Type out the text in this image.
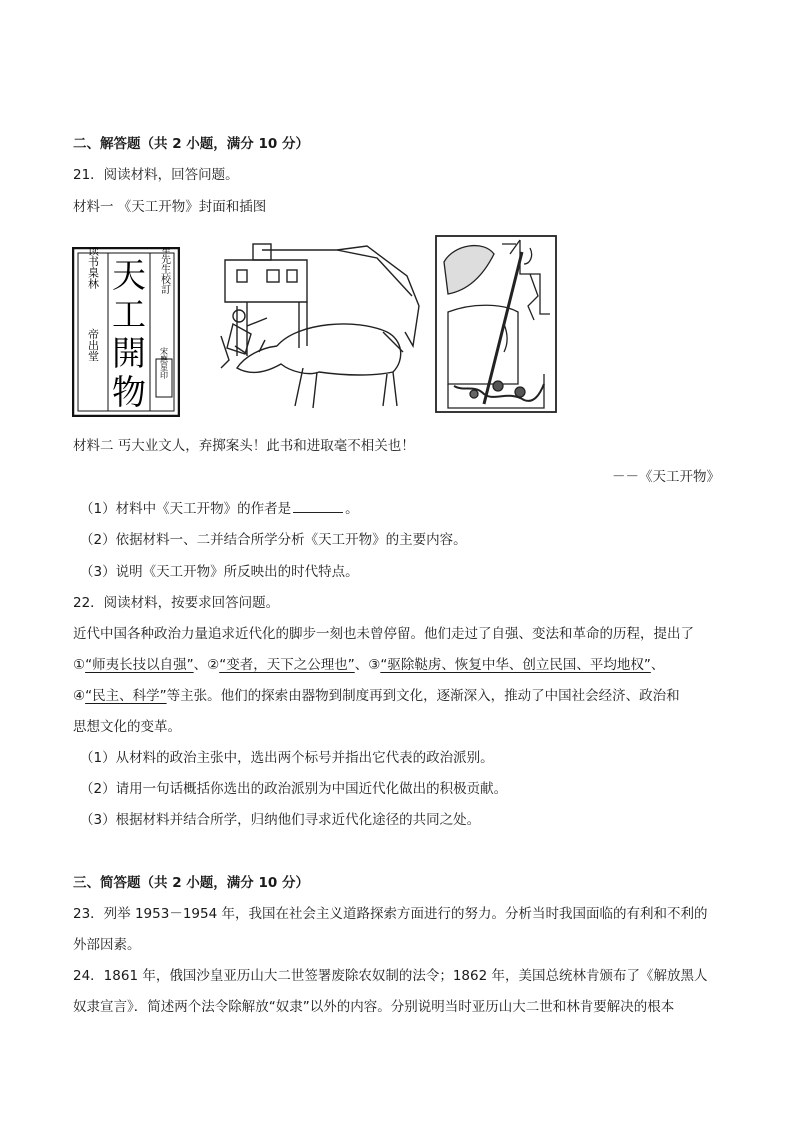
二、解答题（共 2 小题，满分 10 分）
21．阅读材料，回答问题。
材料一 《天工开物》封面和插图
读书臬林
帝出堂
天
工
開
物
宋應星先生校訂
宋應星印
材料二 丐大业文人，弃掷案头！此书和进取毫不相关也！
－－《天工开物》
（1）材料中《天工开物》的作者是	。
（2）依据材料一、二并结合所学分析《天工开物》的主要内容。
（3）说明《天工开物》所反映出的时代特点。
22．阅读材料，按要求回答问题。
近代中国各种政治力量追求近代化的脚步一刻也未曾停留。他们走过了自强、变法和革命的历程，提出了
①“师夷长技以自强”、②“变者，天下之公理也”、③“驱除鞑虏、恢复中华、创立民国、平均地权”、
④“民主、科学”等主张。他们的探索由器物到制度再到文化，逐渐深入，推动了中国社会经济、政治和
思想文化的变革。
（1）从材料的政治主张中，选出两个标号并指出它代表的政治派别。
（2）请用一句话概括你选出的政治派别为中国近代化做出的积极贡献。
（3）根据材料并结合所学，归纳他们寻求近代化途径的共同之处。
三、简答题（共 2 小题，满分 10 分）
23．列举 1953－1954 年，我国在社会主义道路探索方面进行的努力。分析当时我国面临的有利和不利的
外部因素。
24．1861 年，俄国沙皇亚历山大二世签署废除农奴制的法令；1862 年，美国总统林肯颁布了《解放黑人
奴隶宣言》．简述两个法令除解放“奴隶”以外的内容。分别说明当时亚历山大二世和林肯要解决的根本
